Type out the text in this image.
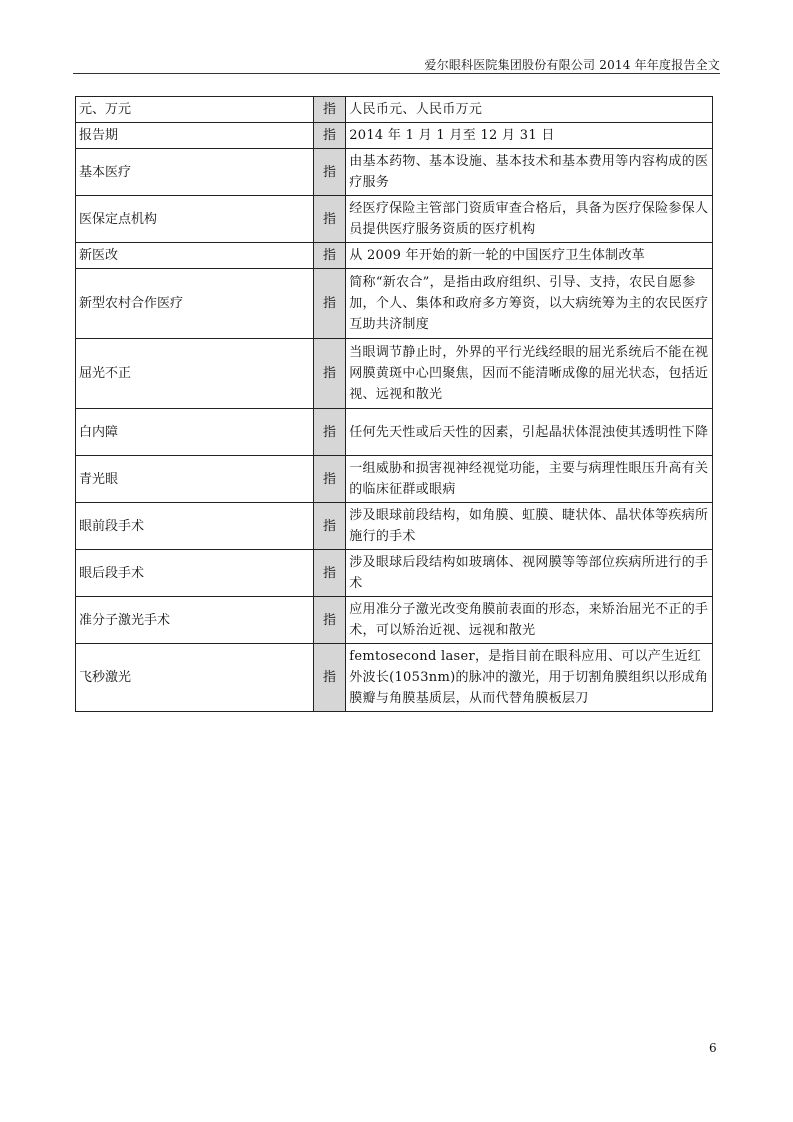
爱尔眼科医院集团股份有限公司 2014 年年度报告全文
元、万元	指	人民币元、人民币万元
报告期	指	2014 年 1 月 1 月至 12 月 31 日
基本医疗	指	由基本药物、基本设施、基本技术和基本费用等内容构成的医疗服务
医保定点机构	指	经医疗保险主管部门资质审查合格后，具备为医疗保险参保人员提供医疗服务资质的医疗机构
新医改	指	从 2009 年开始的新一轮的中国医疗卫生体制改革
新型农村合作医疗	指	简称“新农合”，是指由政府组织、引导、支持，农民自愿参加，个人、集体和政府多方筹资，以大病统筹为主的农民医疗互助共济制度
屈光不正	指	当眼调节静止时，外界的平行光线经眼的屈光系统后不能在视网膜黄斑中心凹聚焦，因而不能清晰成像的屈光状态，包括近视、远视和散光
白内障	指	任何先天性或后天性的因素，引起晶状体混浊使其透明性下降
青光眼	指	一组威胁和损害视神经视觉功能，主要与病理性眼压升高有关的临床征群或眼病
眼前段手术	指	涉及眼球前段结构，如角膜、虹膜、睫状体、晶状体等疾病所施行的手术
眼后段手术	指	涉及眼球后段结构如玻璃体、视网膜等等部位疾病所进行的手术
准分子激光手术	指	应用准分子激光改变角膜前表面的形态，来矫治屈光不正的手术，可以矫治近视、远视和散光
飞秒激光	指	femtosecond laser，是指目前在眼科应用、可以产生近红外波长(1053nm)的脉冲的激光，用于切割角膜组织以形成角膜瓣与角膜基质层，从而代替角膜板层刀
6
